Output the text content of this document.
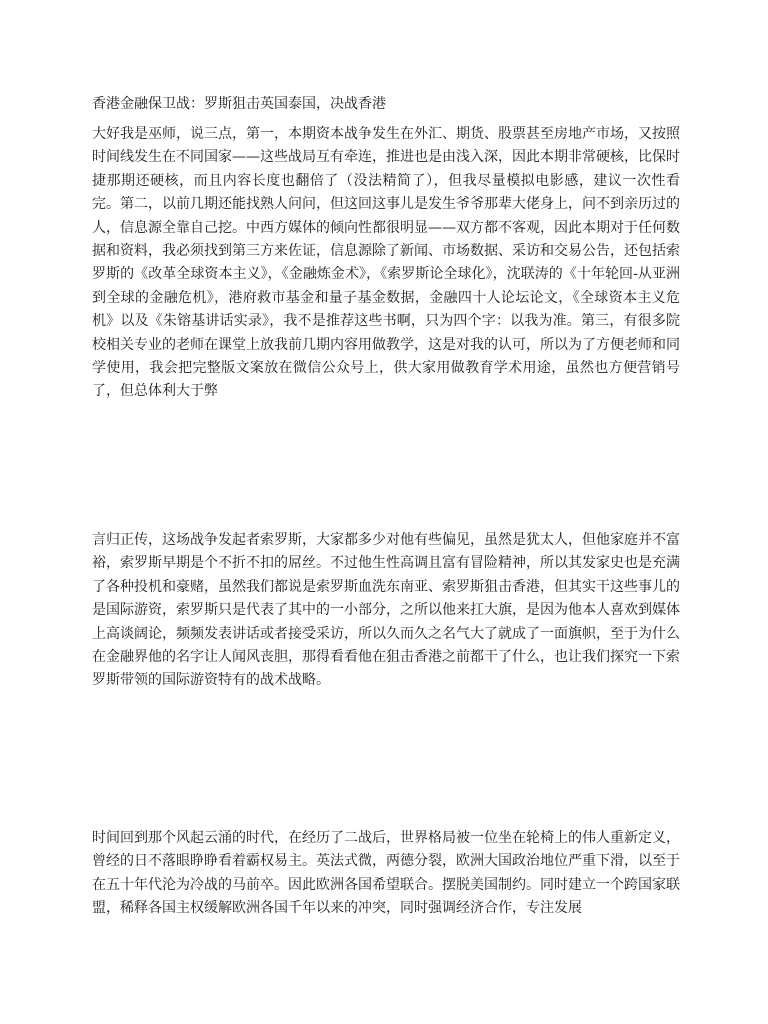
香港金融保卫战：罗斯狙击英国泰国，决战香港
大好我是巫师，说三点，第一，本期资本战争发生在外汇、期货、股票甚至房地产市场，又按照时间线发生在不同国家——这些战局互有牵连，推进也是由浅入深，因此本期非常硬核，比保时捷那期还硬核，而且内容长度也翻倍了（没法精简了），但我尽量模拟电影感，建议一次性看完。第二，以前几期还能找熟人问问，但这回这事儿是发生爷爷那辈大佬身上，问不到亲历过的人，信息源全靠自己挖。中西方媒体的倾向性都很明显——双方都不客观，因此本期对于任何数据和资料，我必须找到第三方来佐证，信息源除了新闻、市场数据、采访和交易公告，还包括索罗斯的《改革全球资本主义》，《金融炼金术》，《索罗斯论全球化》，沈联涛的《十年轮回-从亚洲到全球的金融危机》，港府救市基金和量子基金数据，金融四十人论坛论文，《全球资本主义危机》以及《朱镕基讲话实录》，我不是推荐这些书啊，只为四个字：以我为准。第三，有很多院校相关专业的老师在课堂上放我前几期内容用做教学，这是对我的认可，所以为了方便老师和同学使用，我会把完整版文案放在微信公众号上，供大家用做教育学术用途，虽然也方便营销号了，但总体利大于弊
言归正传，这场战争发起者索罗斯，大家都多少对他有些偏见，虽然是犹太人，但他家庭并不富裕，索罗斯早期是个不折不扣的屌丝。不过他生性高调且富有冒险精神，所以其发家史也是充满了各种投机和豪赌，虽然我们都说是索罗斯血洗东南亚、索罗斯狙击香港，但其实干这些事儿的是国际游资，索罗斯只是代表了其中的一小部分，之所以他来扛大旗，是因为他本人喜欢到媒体上高谈阔论，频频发表讲话或者接受采访，所以久而久之名气大了就成了一面旗帜，至于为什么在金融界他的名字让人闻风丧胆，那得看看他在狙击香港之前都干了什么，也让我们探究一下索罗斯带领的国际游资特有的战术战略。
时间回到那个风起云涌的时代，在经历了二战后，世界格局被一位坐在轮椅上的伟人重新定义，曾经的日不落眼睁睁看着霸权易主。英法式微，两德分裂，欧洲大国政治地位严重下滑，以至于在五十年代沦为冷战的马前卒。因此欧洲各国希望联合。摆脱美国制约。同时建立一个跨国家联盟，稀释各国主权缓解欧洲各国千年以来的冲突，同时强调经济合作，专注发展
